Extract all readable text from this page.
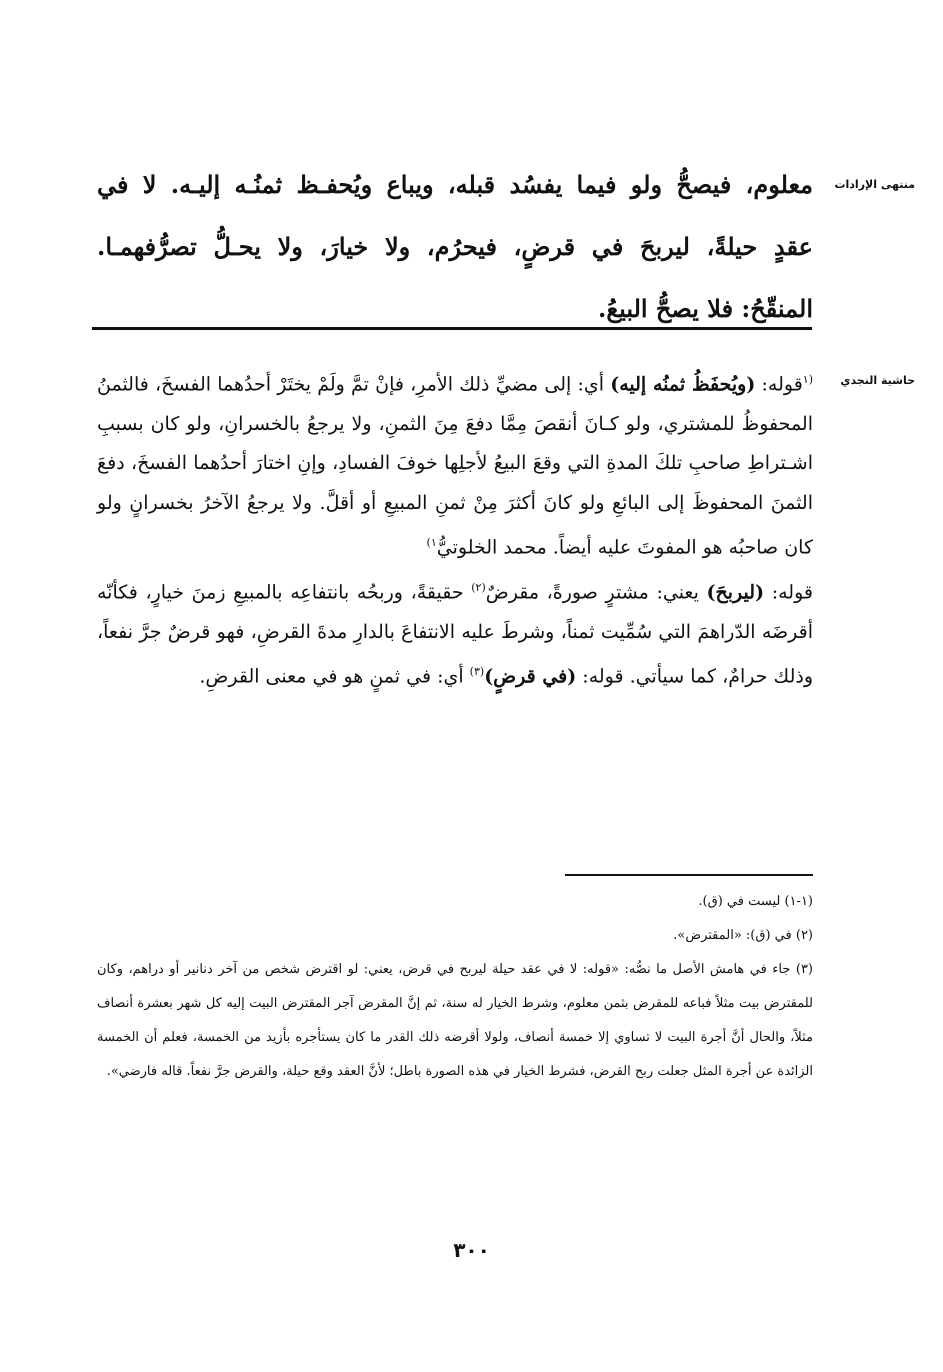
منتهى الإرادات
معلوم، فيصحُّ ولو فيما يفسُد قبله، ويباع ويُحفـظ ثمنُـه إليـه. لا في
عقدٍ حيلةً، ليربحَ في قرضٍ، فيحرُم، ولا خيارَ، ولا يحـلُّ تصرُّفهمـا.
المنقّحُ: فلا يصحُّ البيعُ.
حاشية النجدي

$^{(١}$قوله: (ويُحفَظُ ثمنُه إليه) أي: إلى مضيِّ ذلك الأمرِ، فإنْ تمَّ ولَمْ يختَرْ أحدُهما الفسخَ، فالثمنُ المحفوظُ للمشتري، ولو كـانَ أنقصَ مِمَّا دفعَ مِنَ الثمنِ، ولا يرجعُ بالخسرانِ، ولو كان بسببِ اشـتراطِ صاحبِ تلكَ المدةِ التي وقعَ البيعُ لأجلِها خوفَ الفسادِ، وإنِ اختارَ أحدُهما الفسخَ، دفعَ الثمنَ المحفوظَ إلى البائعِ ولو كانَ أكثرَ مِنْ ثمنِ المبيعِ أو أقلَّ. ولا يرجعُ الآخرُ بخسرانٍ ولو كان صاحبُه هو المفوتَ عليه أيضاً. محمد الخلوتيُّ$^{١)}$

قوله: (ليربحَ) يعني: مشترٍ صورةً، مقرضٌ$^{(٢)}$ حقيقةً، وربحُه بانتفاعِه بالمبيعِ زمنَ خيارٍ، فكأنّه أقرضَه الدّراهمَ التي سُمِّيت ثمناً، وشرطَ عليه الانتفاعَ بالدارِ مدةَ القرضِ، فهو قرضٌ جرَّ نفعاً، وذلك حرامٌ، كما سيأتي. قوله: (في قرضٍ)$^{(٣)}$ أي: في ثمنٍ هو في معنى القرضِ.

(١-١) ليست في (ق).
(٢) في (ق): «المقترض».
(٣) جاء في هامش الأصل ما نصُّه: «قوله: لا في عقد حيلة ليربح في قرض، يعني: لو اقترض شخص من آخر دنانير أو دراهم، وكان للمقترض بيت مثلاً فباعه للمقرض بثمن معلوم، وشرط الخيار له سنة، ثم إنَّ المقرض آجر المقترض البيت إليه كل شهر بعشرة أنصاف مثلاً، والحال أنَّ أجرة البيت لا تساوي إلا خمسة أنصاف، ولولا أقرضه ذلك القدر ما كان يستأجره بأزيد من الخمسة، فعلم أن الخمسة الزائدة عن أجرة المثل جعلت ربح القرض، فشرط الخيار في هذه الصورة باطل؛ لأنَّ العقد وقع حيلة، والقرض جرَّ نفعاً. قاله فارضي».
٣٠٠
